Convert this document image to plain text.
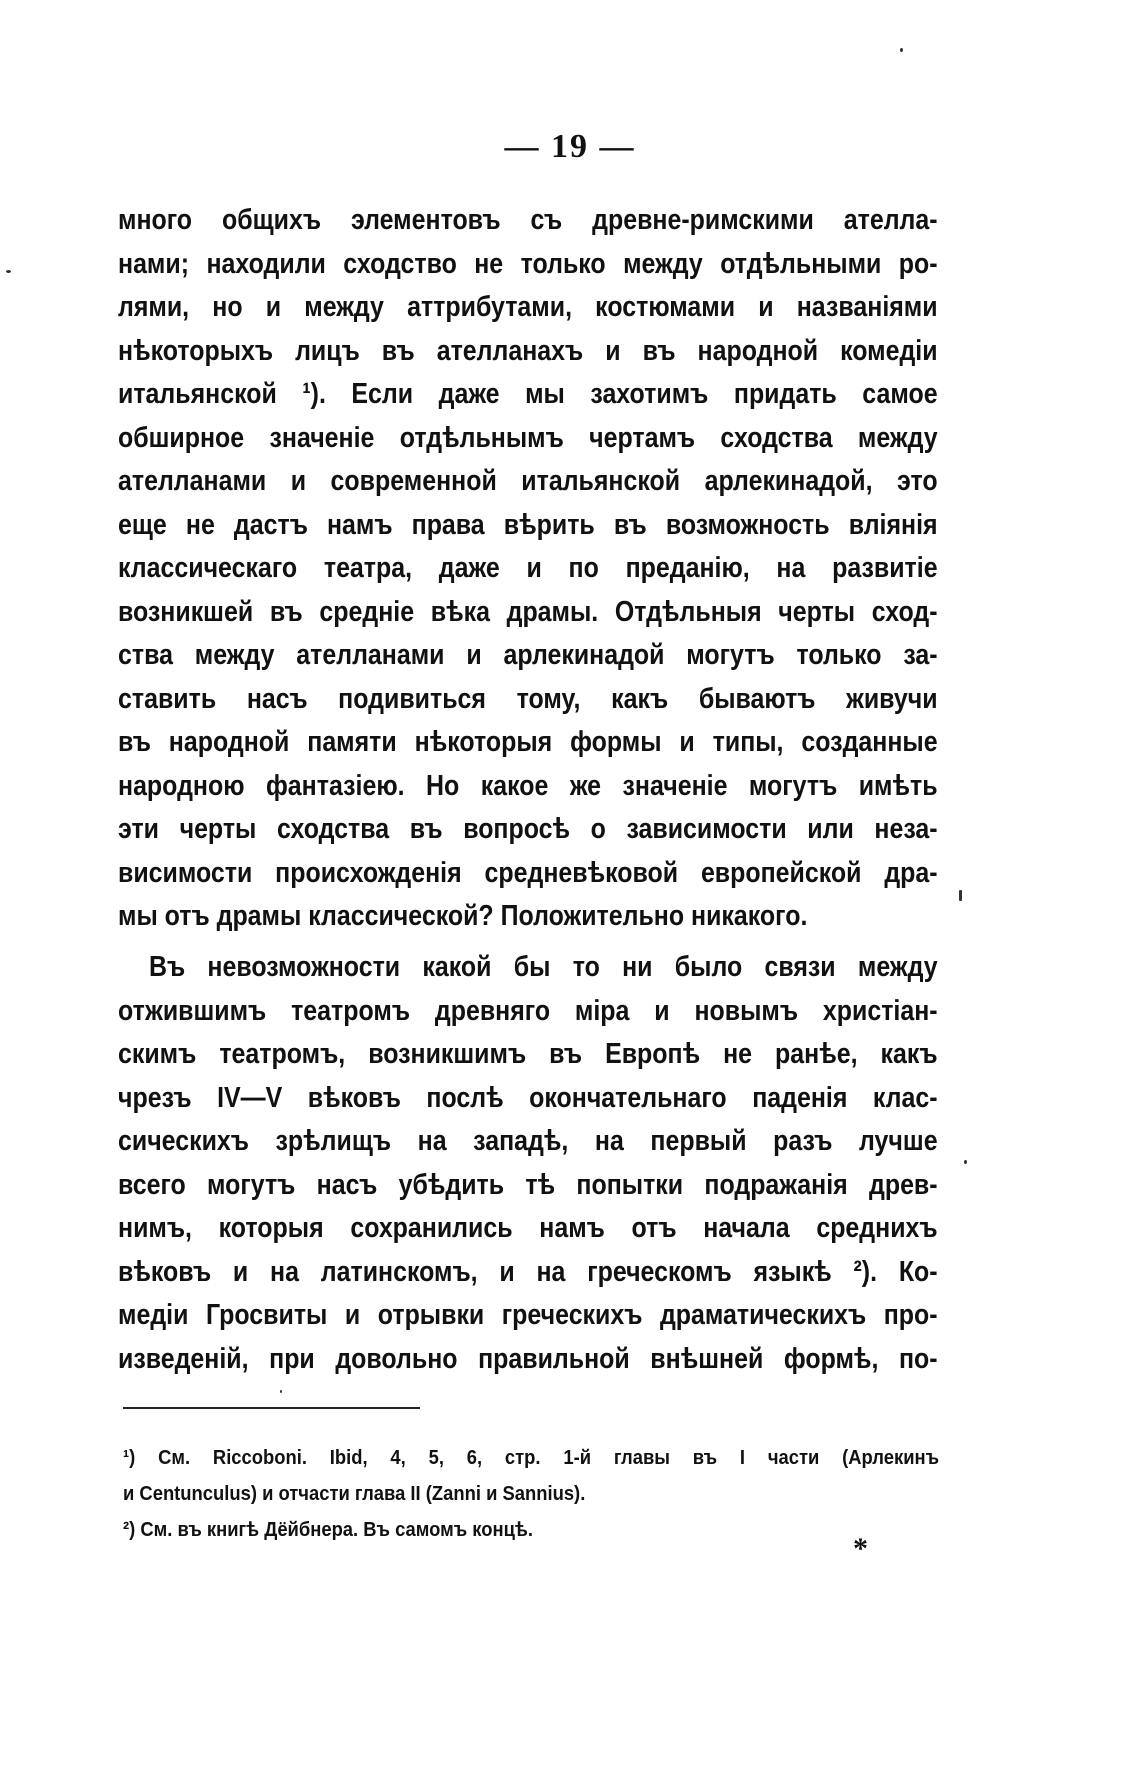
— 19 —
много общихъ элементовъ съ древне-римскими ателла-
нами; находили сходство не только между отдѣльными ро-
лями, но и между аттрибутами, костюмами и названіями
нѣкоторыхъ лицъ въ ателланахъ и въ народной комедіи
итальянской ¹). Если даже мы захотимъ придать самое
обширное значеніе отдѣльнымъ чертамъ сходства между
ателланами и современной итальянской арлекинадой, это
еще не дастъ намъ права вѣрить въ возможность вліянія
классическаго театра, даже и по преданію, на развитіе
возникшей въ средніе вѣка драмы. Отдѣльныя черты сход-
ства между ателланами и арлекинадой могутъ только за-
ставить насъ подивиться тому, какъ бываютъ живучи
въ народной памяти нѣкоторыя формы и типы, созданные
народною фантазіею. Но какое же значеніе могутъ имѣть
эти черты сходства въ вопросѣ о зависимости или неза-
висимости происхожденія средневѣковой европейской дра-
мы отъ драмы классической? Положительно никакого.
Въ невозможности какой бы то ни было связи между
отжившимъ театромъ древняго міра и новымъ христіан-
скимъ театромъ, возникшимъ въ Европѣ не ранѣе, какъ
чрезъ IV—V вѣковъ послѣ окончательнаго паденія клас-
сическихъ зрѣлищъ на западѣ, на первый разъ лучше
всего могутъ насъ убѣдить тѣ попытки подражанія древ-
нимъ, которыя сохранились намъ отъ начала среднихъ
вѣковъ и на латинскомъ, и на греческомъ языкѣ ²). Ко-
медіи Гросвиты и отрывки греческихъ драматическихъ про-
изведеній, при довольно правильной внѣшней формѣ, по-
¹) См. Riccoboni. Ibid, 4, 5, 6, стр. 1-й главы въ I части (Арлекинъ
и Centunculus) и отчасти глава II (Zanni и Sannius).
²) См. въ книгѣ Дёйбнера. Въ самомъ концѣ.
*
